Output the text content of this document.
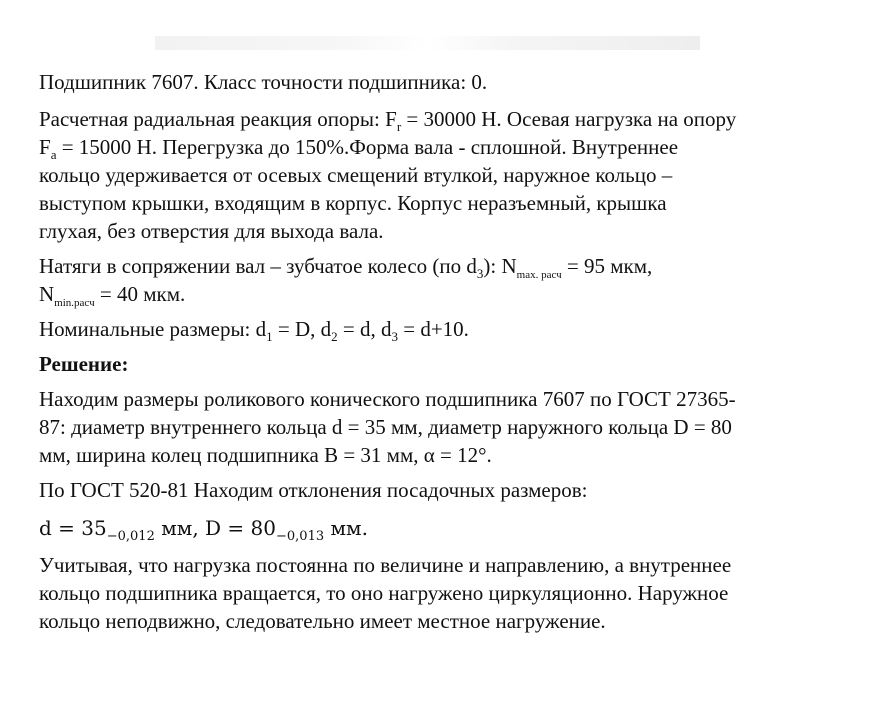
Подшипник 7607. Класс точности подшипника: 0.
Расчетная радиальная реакция опоры: $F_r = 30000$ Н. Осевая нагрузка на опору
$F_a = 15000$ Н. Перегрузка до 150%.Форма вала - сплошной. Внутреннее
кольцо удерживается от осевых смещений втулкой, наружное кольцо –
выступом крышки, входящим в корпус. Корпус неразъемный, крышка
глухая, без отверстия для выхода вала.
Натяги в сопряжении вал – зубчатое колесо (по $d_3$): $N_{max. расч} = 95$ мкм,
$N_{min.расч} = 40$ мкм.
Номинальные размеры: $d_1 = D$, $d_2 = d$, $d_3 = d+10$.
Решение:
Находим размеры роликового конического подшипника 7607 по ГОСТ 27365-
87: диаметр внутреннего кольца d = 35 мм, диаметр наружного кольца D = 80
мм, ширина колец подшипника B = 31 мм, α = 12°.
По ГОСТ 520-81 Находим отклонения посадочных размеров:
$d = 35_{-0,012}$ мм, $D = 80_{-0,013}$ мм.
Учитывая, что нагрузка постоянна по величине и направлению, а внутреннее
кольцо подшипника вращается, то оно нагружено циркуляционно. Наружное
кольцо неподвижно, следовательно имеет местное нагружение.
